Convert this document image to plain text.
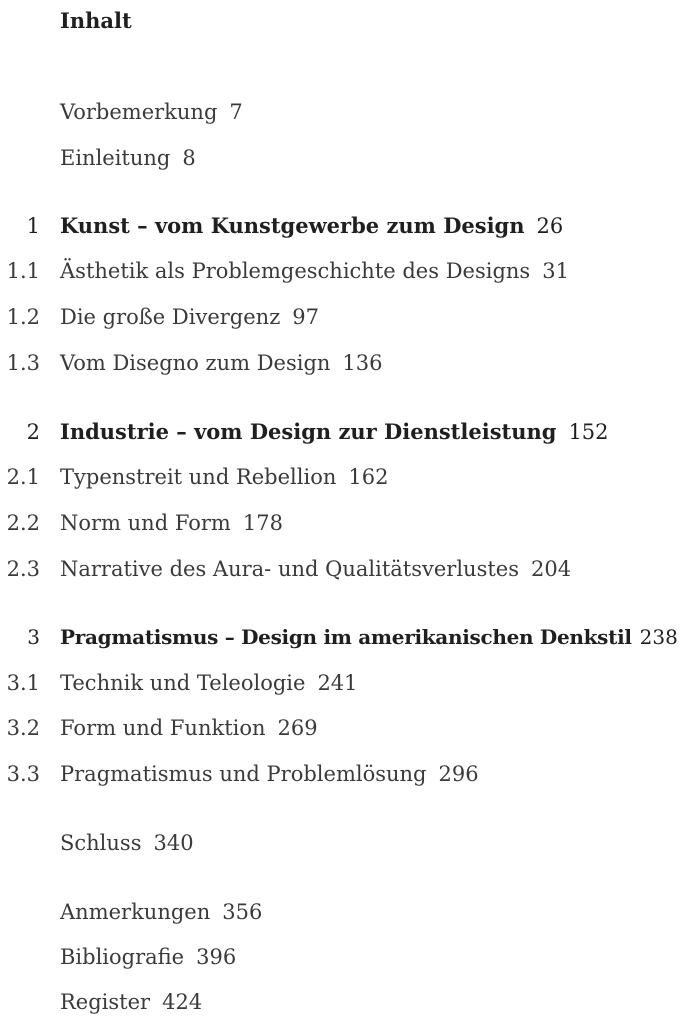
Inhalt
Vorbemerkung 7
Einleitung 8
1 Kunst – vom Kunstgewerbe zum Design 26
1.1 Ästhetik als Problemgeschichte des Designs 31
1.2 Die große Divergenz 97
1.3 Vom Disegno zum Design 136
2 Industrie – vom Design zur Dienstleistung 152
2.1 Typenstreit und Rebellion 162
2.2 Norm und Form 178
2.3 Narrative des Aura- und Qualitätsverlustes 204
3 Pragmatismus – Design im amerikanischen Denkstil 238
3.1 Technik und Teleologie 241
3.2 Form und Funktion 269
3.3 Pragmatismus und Problemlösung 296
Schluss 340
Anmerkungen 356
Bibliografie 396
Register 424
